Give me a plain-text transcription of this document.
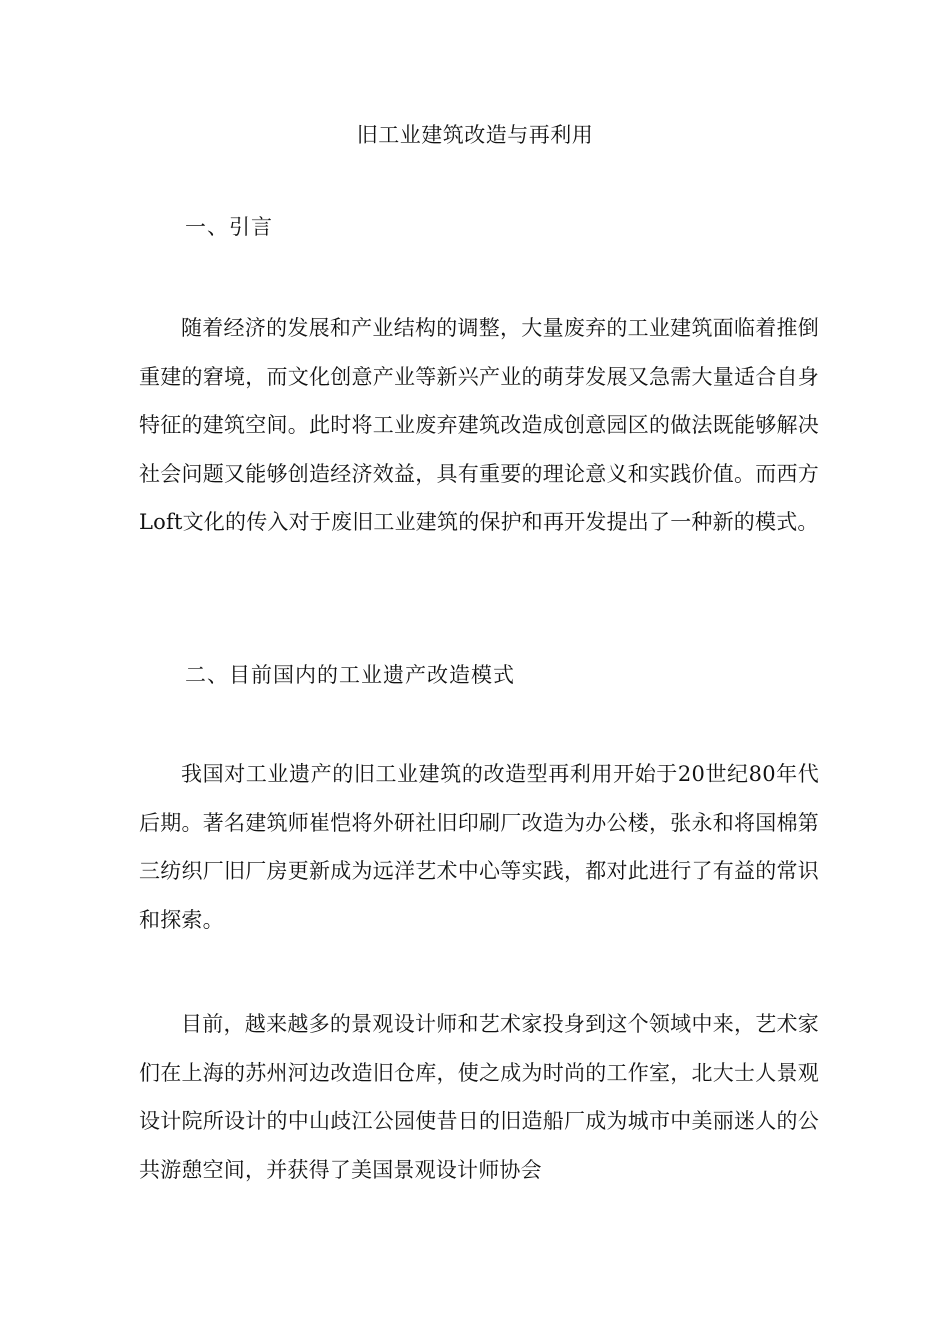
旧工业建筑改造与再利用
一、引言

随着经济的发展和产业结构的调整，大量废弃的工业建筑面临着推倒重建的窘境，而文化创意产业等新兴产业的萌芽发展又急需大量适合自身特征的建筑空间。此时将工业废弃建筑改造成创意园区的做法既能够解决社会问题又能够创造经济效益，具有重要的理论意义和实践价值。而西方Loft文化的传入对于废旧工业建筑的保护和再开发提出了一种新的模式。

二、目前国内的工业遗产改造模式

我国对工业遗产的旧工业建筑的改造型再利用开始于20世纪80年代后期。著名建筑师崔恺将外研社旧印刷厂改造为办公楼，张永和将国棉第三纺织厂旧厂房更新成为远洋艺术中心等实践，都对此进行了有益的常识和探索。

目前，越来越多的景观设计师和艺术家投身到这个领域中来，艺术家们在上海的苏州河边改造旧仓库，使之成为时尚的工作室，北大士人景观设计院所设计的中山歧江公园使昔日的旧造船厂成为城市中美丽迷人的公共游憩空间，并获得了美国景观设计师协会
